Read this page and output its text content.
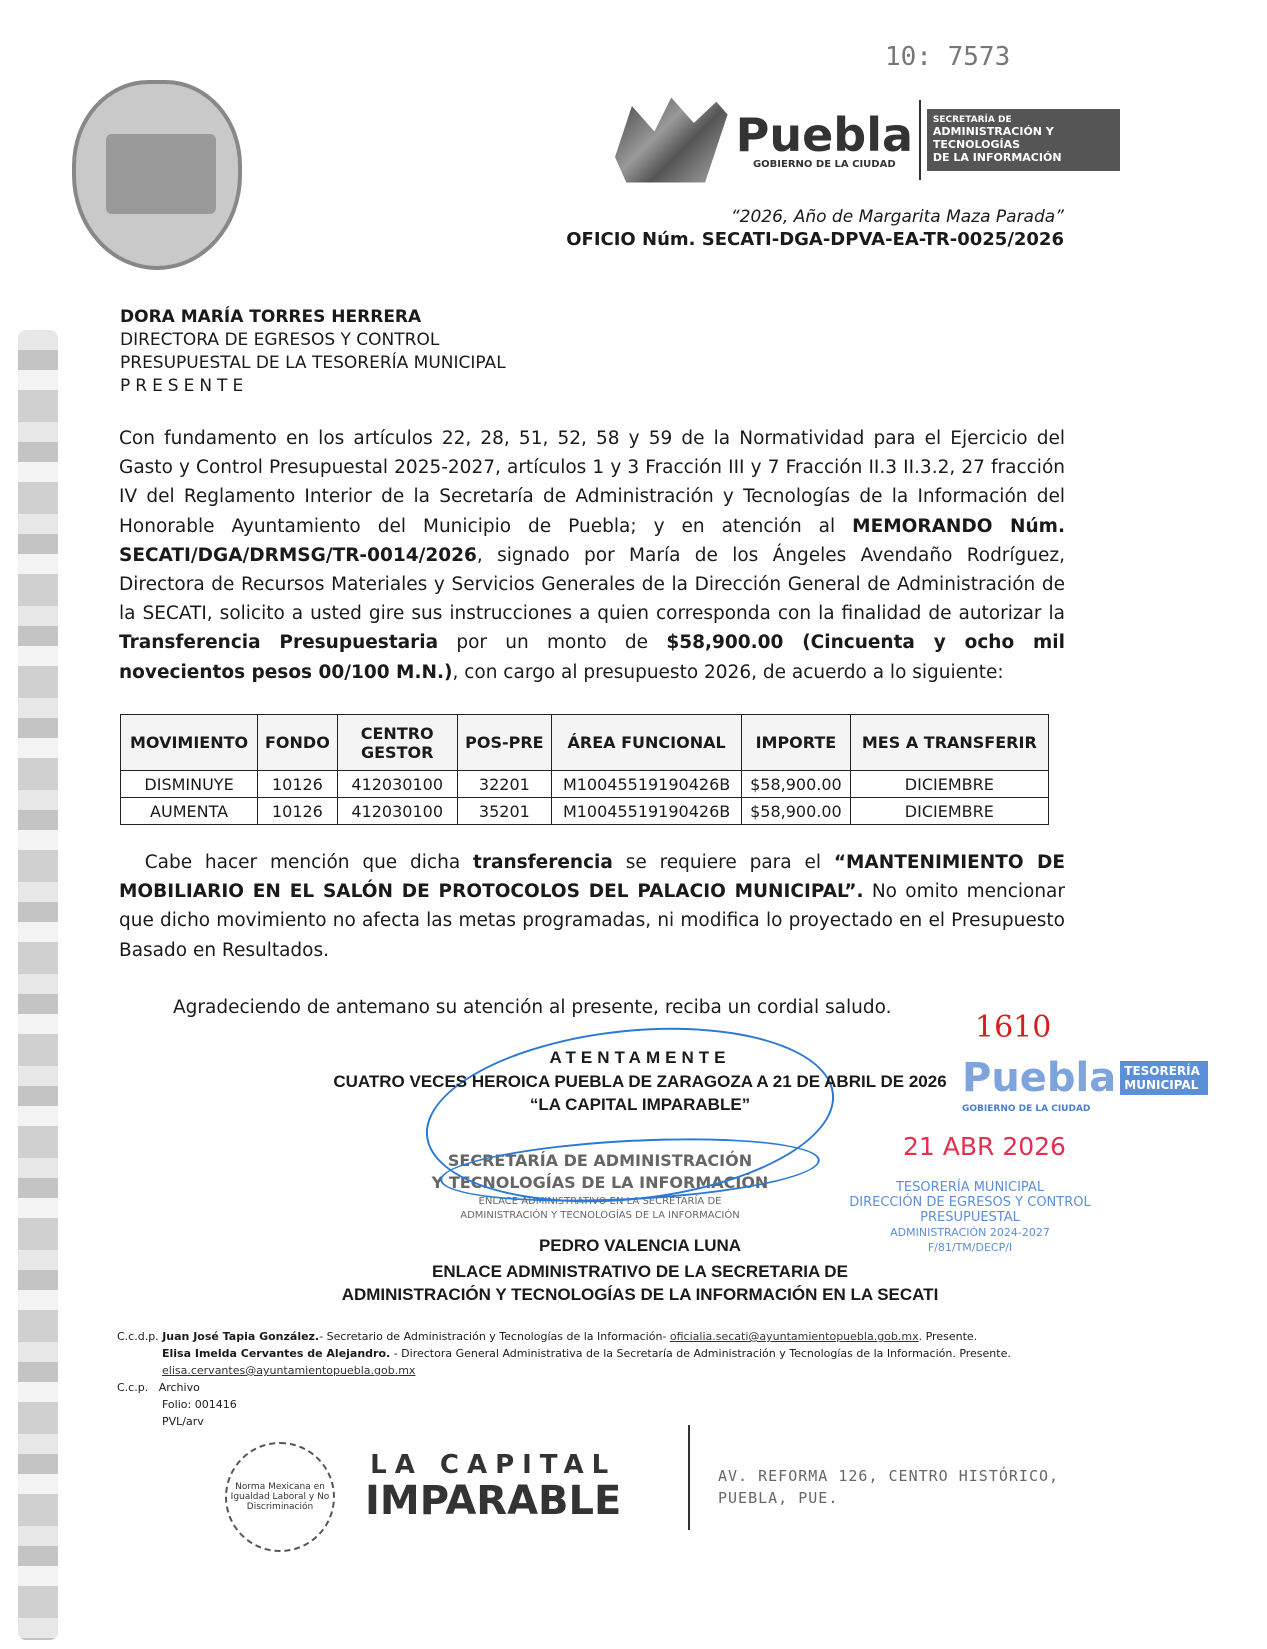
10: 7573
Puebla
GOBIERNO DE LA CIUDAD
SECRETARÍA DE
ADMINISTRACIÓN Y TECNOLOGÍAS
DE LA INFORMACIÓN
“2026, Año de Margarita Maza Parada”
OFICIO Núm. SECATI-DGA-DPVA-EA-TR-0025/2026
DORA MARÍA TORRES HERRERA
DIRECTORA DE EGRESOS Y CONTROL
PRESUPUESTAL DE LA TESORERÍA MUNICIPAL
PRESENTE
Con fundamento en los artículos 22, 28, 51, 52, 58 y 59 de la Normatividad para el Ejercicio del Gasto y Control Presupuestal 2025-2027, artículos 1 y 3 Fracción III y 7 Fracción II.3 II.3.2, 27 fracción IV del Reglamento Interior de la Secretaría de Administración y Tecnologías de la Información del Honorable Ayuntamiento del Municipio de Puebla; y en atención al MEMORANDO Núm. SECATI/DGA/DRMSG/TR-0014/2026, signado por María de los Ángeles Avendaño Rodríguez, Directora de Recursos Materiales y Servicios Generales de la Dirección General de Administración de la SECATI, solicito a usted gire sus instrucciones a quien corresponda con la finalidad de autorizar la Transferencia Presupuestaria por un monto de $58,900.00 (Cincuenta y ocho mil novecientos pesos 00/100 M.N.), con cargo al presupuesto 2026, de acuerdo a lo siguiente:
MOVIMIENTO	FONDO	CENTRO GESTOR	POS-PRE	ÁREA FUNCIONAL	IMPORTE	MES A TRANSFERIR
DISMINUYE	10126	412030100	32201	M10045519190426B	$58,900.00	DICIEMBRE
AUMENTA	10126	412030100	35201	M10045519190426B	$58,900.00	DICIEMBRE
Cabe hacer mención que dicha transferencia se requiere para el “MANTENIMIENTO DE MOBILIARIO EN EL SALÓN DE PROTOCOLOS DEL PALACIO MUNICIPAL”. No omito mencionar que dicho movimiento no afecta las metas programadas, ni modifica lo proyectado en el Presupuesto Basado en Resultados.
Agradeciendo de antemano su atención al presente, reciba un cordial saludo.
SECRETARÍA DE ADMINISTRACIÓN
Y TECNOLOGÍAS DE LA INFORMACIÓN
ENLACE ADMINISTRATIVO EN LA SECRETARÍA DE
ADMINISTRACIÓN Y TECNOLOGÍAS DE LA INFORMACIÓN
ATENTAMENTE
CUATRO VECES HEROICA PUEBLA DE ZARAGOZA A 21 DE ABRIL DE 2026
“LA CAPITAL IMPARABLE”
PEDRO VALENCIA LUNA
ENLACE ADMINISTRATIVO DE LA SECRETARIA DE
ADMINISTRACIÓN Y TECNOLOGÍAS DE LA INFORMACIÓN EN LA SECATI
1610
Puebla TESORERÍA MUNICIPAL
GOBIERNO DE LA CIUDAD
21 ABR 2026
TESORERÍA MUNICIPAL
DIRECCIÓN DE EGRESOS Y CONTROL
PRESUPUESTAL
ADMINISTRACIÓN 2024-2027
F/81/TM/DECP/I
C.c.d.p. Juan José Tapia González.- Secretario de Administración y Tecnologías de la Información- oficialia.secati@ayuntamientopuebla.gob.mx. Presente.
Elisa Imelda Cervantes de Alejandro. - Directora General Administrativa de la Secretaría de Administración y Tecnologías de la Información. Presente.
elisa.cervantes@ayuntamientopuebla.gob.mx
C.c.p. Archivo
Folio: 001416
PVL/arv
Norma Mexicana en Igualdad Laboral y No Discriminación
LA CAPITAL
IMPARABLE
AV. REFORMA 126, CENTRO HISTÓRICO,
PUEBLA, PUE.
